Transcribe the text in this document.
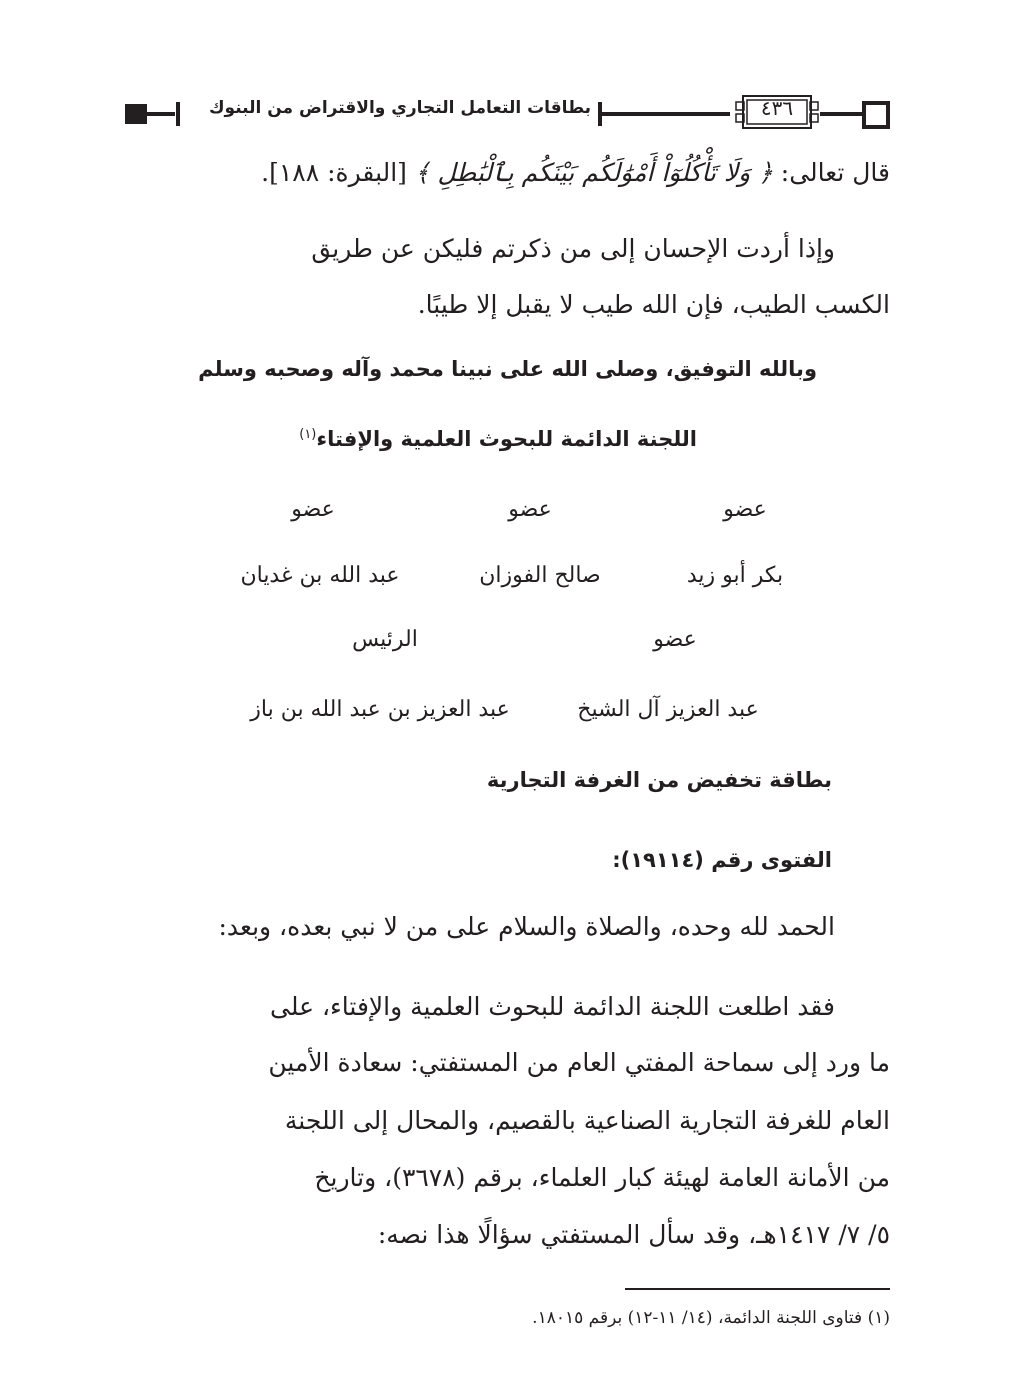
بطاقات التعامل التجاري والاقتراض من البنوك	٤٣٦
قال تعالى: ﴿ وَلَا تَأْكُلُوٓاْ أَمْوَٰلَكُم بَيْنَكُم بِٱلْبَٰطِلِ ﴾ [البقرة: ١٨٨].
وإذا أردت الإحسان إلى من ذكرتم فليكن عن طريق
الكسب الطيب، فإن الله طيب لا يقبل إلا طيبًا.
وبالله التوفيق، وصلى الله على نبينا محمد وآله وصحبه وسلم
اللجنة الدائمة للبحوث العلمية والإفتاء$^{(١)}$
عضو
عضو
عضو
بكر أبو زيد
صالح الفوزان
عبد الله بن غديان
عضو
الرئيس
عبد العزيز آل الشيخ
عبد العزيز بن عبد الله بن باز
بطاقة تخفيض من الغرفة التجارية
الفتوى رقم (١٩١١٤):
الحمد لله وحده، والصلاة والسلام على من لا نبي بعده، وبعد:
فقد اطلعت اللجنة الدائمة للبحوث العلمية والإفتاء، على
ما ورد إلى سماحة المفتي العام من المستفتي: سعادة الأمين
العام للغرفة التجارية الصناعية بالقصيم، والمحال إلى اللجنة
من الأمانة العامة لهيئة كبار العلماء، برقم (٣٦٧٨)، وتاريخ
٥/ ٧/ ١٤١٧هـ، وقد سأل المستفتي سؤالًا هذا نصه:
(١) فتاوى اللجنة الدائمة، (١٤/ ١١-١٢) برقم ١٨٠١٥.
